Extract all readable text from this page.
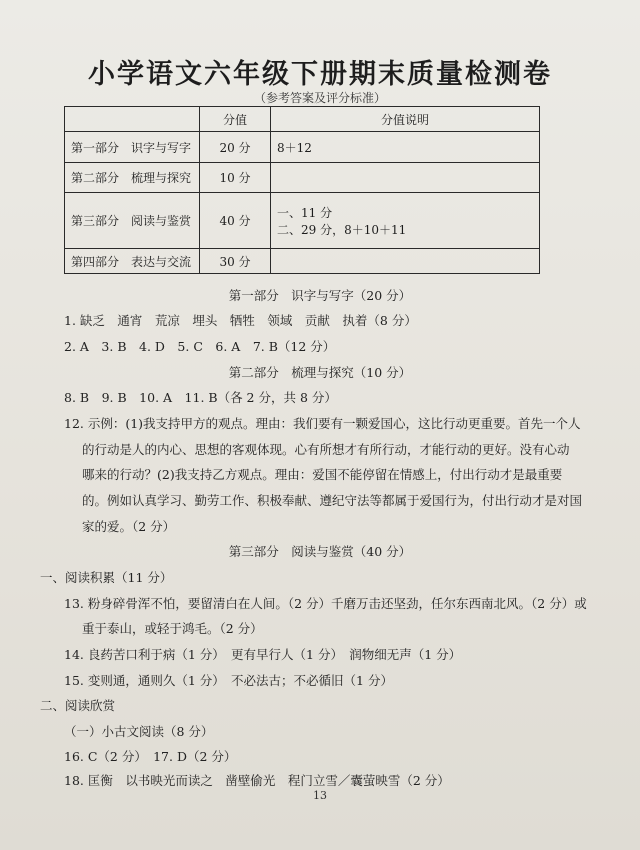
小学语文六年级下册期末质量检测卷
（参考答案及评分标准）
	分值	分值说明
第一部分　识字与写字	20 分	8＋12
第二部分　梳理与探究	10 分	
第三部分　阅读与鉴赏	40 分	一、11 分
二、29 分，8＋10＋11

第四部分　表达与交流	30 分	
第一部分　识字与写字（20 分）
1. 缺乏　通宵　荒凉　埋头　牺牲　领域　贡献　执着（8 分）
2. A　3. B　4. D　5. C　6. A　7. B（12 分）
第二部分　梳理与探究（10 分）
8. B　9. B　10. A　11. B（各 2 分，共 8 分）
12. 示例：(1)我支持甲方的观点。理由：我们要有一颗爱国心，这比行动更重要。首先一个人
的行动是人的内心、思想的客观体现。心有所想才有所行动，才能行动的更好。没有心动
哪来的行动？(2)我支持乙方观点。理由：爱国不能停留在情感上，付出行动才是最重要
的。例如认真学习、勤劳工作、积极奉献、遵纪守法等都属于爱国行为，付出行动才是对国
家的爱。（2 分）
第三部分　阅读与鉴赏（40 分）
一、阅读积累（11 分）
13. 粉身碎骨浑不怕，要留清白在人间。（2 分）千磨万击还坚劲，任尔东西南北风。（2 分）或
重于泰山，或轻于鸿毛。（2 分）
14. 良药苦口利于病（1 分）　更有早行人（1 分）　润物细无声（1 分）
15. 变则通，通则久（1 分）　不必法古；不必循旧（1 分）
二、阅读欣赏
（一）小古文阅读（8 分）
16. C（2 分）　17. D（2 分）
18. 匡衡　以书映光而读之　凿壁偷光　程门立雪／囊萤映雪（2 分）
13
